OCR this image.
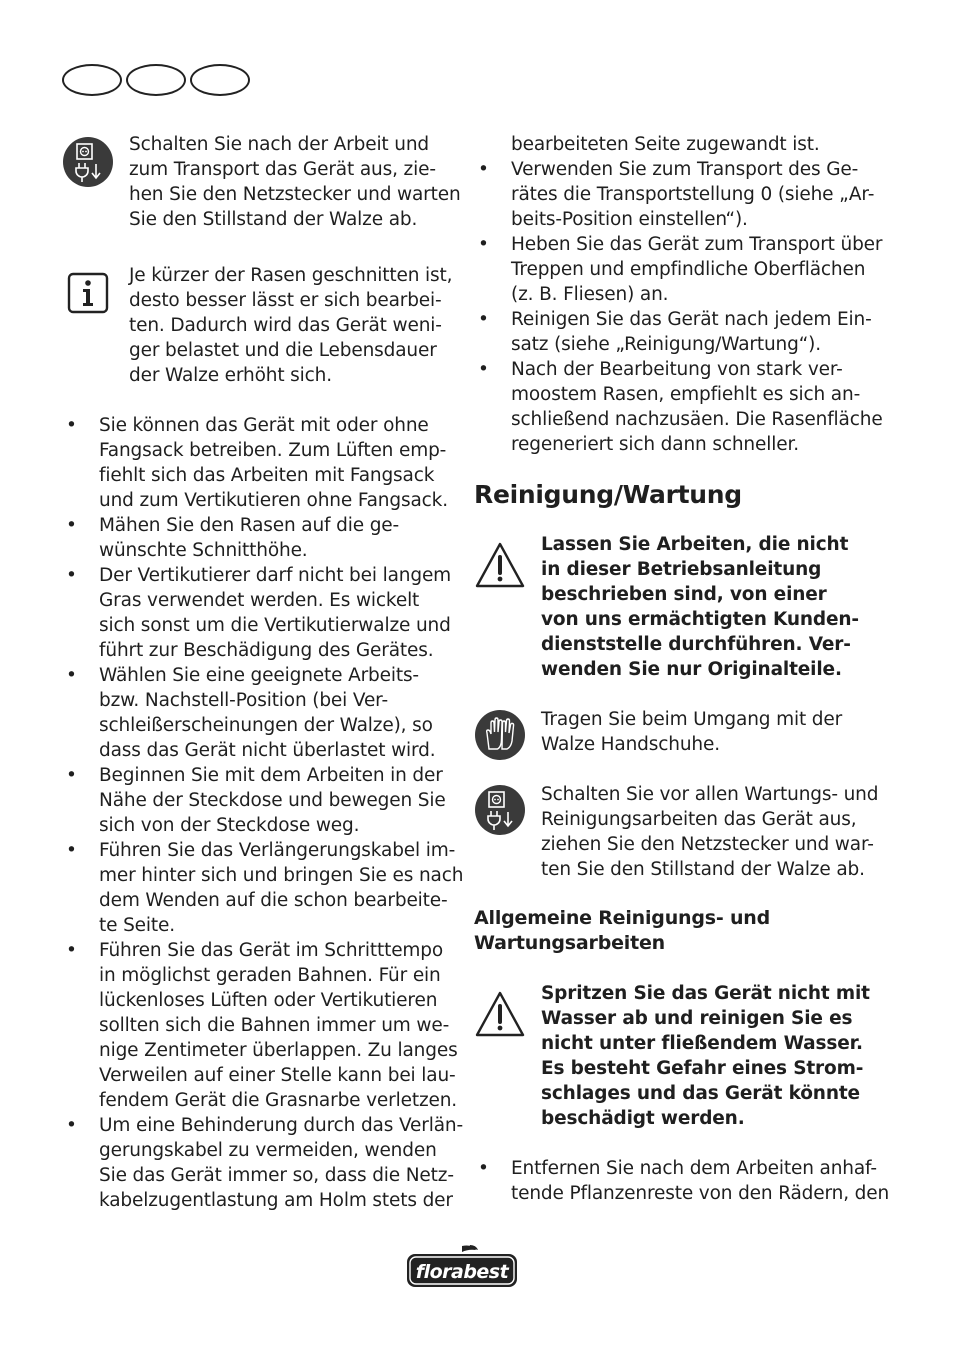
Schalten Sie nach der Arbeit und
zum Transport das Gerät aus, zie-
hen Sie den Netzstecker und warten
Sie den Stillstand der Walze ab.
Je kürzer der Rasen geschnitten ist,
desto besser lässt er sich bearbei-
ten. Dadurch wird das Gerät weni-
ger belastet und die Lebensdauer
der Walze erhöht sich.
• Sie können das Gerät mit oder ohne
Fangsack betreiben. Zum Lüften emp-
fiehlt sich das Arbeiten mit Fangsack
und zum Vertikutieren ohne Fangsack.
• Mähen Sie den Rasen auf die ge-
wünschte Schnitthöhe.
• Der Vertikutierer darf nicht bei langem
Gras verwendet werden. Es wickelt
sich sonst um die Vertikutierwalze und
führt zur Beschädigung des Gerätes.
• Wählen Sie eine geeignete Arbeits-
bzw. Nachstell-Position (bei Ver-
schleißerscheinungen der Walze), so
dass das Gerät nicht überlastet wird.
• Beginnen Sie mit dem Arbeiten in der
Nähe der Steckdose und bewegen Sie
sich von der Steckdose weg.
• Führen Sie das Verlängerungskabel im-
mer hinter sich und bringen Sie es nach
dem Wenden auf die schon bearbeite-
te Seite.
• Führen Sie das Gerät im Schritttempo
in möglichst geraden Bahnen. Für ein
lückenloses Lüften oder Vertikutieren
sollten sich die Bahnen immer um we-
nige Zentimeter überlappen. Zu langes
Verweilen auf einer Stelle kann bei lau-
fendem Gerät die Grasnarbe verletzen.
• Um eine Behinderung durch das Verlän-
gerungskabel zu vermeiden, wenden
Sie das Gerät immer so, dass die Netz-
kabelzugentlastung am Holm stets der
bearbeiteten Seite zugewandt ist.
• Verwenden Sie zum Transport des Ge-
rätes die Transportstellung 0 (siehe „Ar-
beits-Position einstellen“).
• Heben Sie das Gerät zum Transport über
Treppen und empfindliche Oberflächen
(z. B. Fliesen) an.
• Reinigen Sie das Gerät nach jedem Ein-
satz (siehe „Reinigung/Wartung“).
• Nach der Bearbeitung von stark ver-
moostem Rasen, empfiehlt es sich an-
schließend nachzusäen. Die Rasenfläche
regeneriert sich dann schneller.
Reinigung/Wartung
Lassen Sie Arbeiten, die nicht
in dieser Betriebsanleitung
beschrieben sind, von einer
von uns ermächtigten Kunden-
dienststelle durchführen. Ver-
wenden Sie nur Originalteile.
Tragen Sie beim Umgang mit der
Walze Handschuhe.
Schalten Sie vor allen Wartungs- und
Reinigungsarbeiten das Gerät aus,
ziehen Sie den Netzstecker und war-
ten Sie den Stillstand der Walze ab.
Allgemeine Reinigungs- und
Wartungsarbeiten
Spritzen Sie das Gerät nicht mit
Wasser ab und reinigen Sie es
nicht unter fließendem Wasser.
Es besteht Gefahr eines Strom-
schlages und das Gerät könnte
beschädigt werden.
• Entfernen Sie nach dem Arbeiten anhaf-
tende Pflanzenreste von den Rädern, den
florabest
